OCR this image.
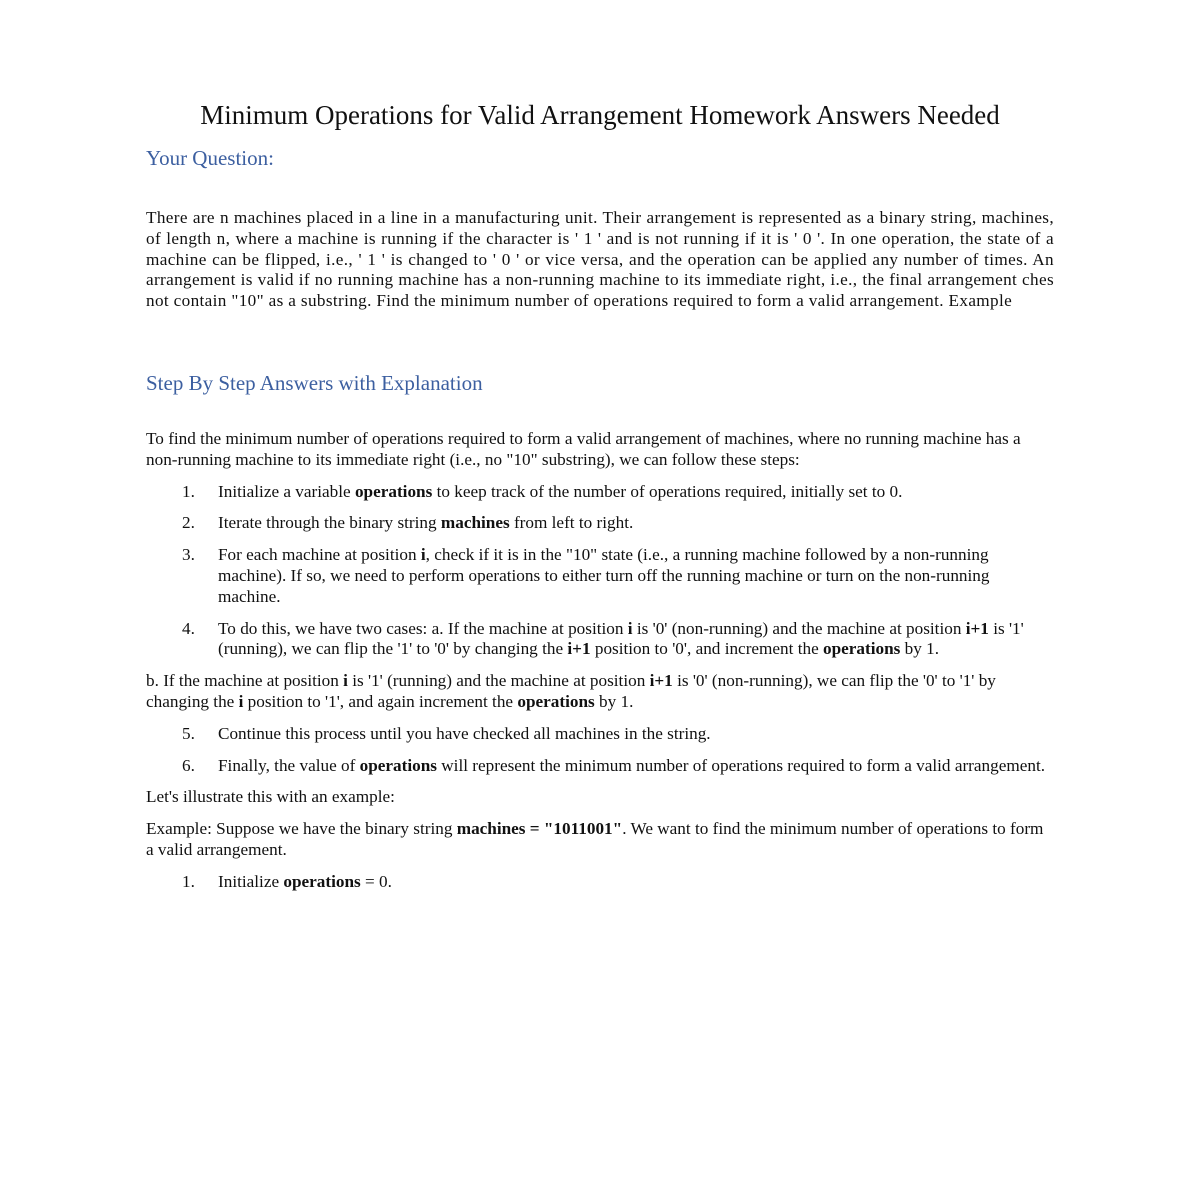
Minimum Operations for Valid Arrangement Homework Answers Needed
Your Question:

There are n machines placed in a line in a manufacturing unit. Their arrangement is represented as a binary string, machines, of length n, where a machine is running if the character is ' 1 ' and is not running if it is ' 0 '. In one operation, the state of a machine can be flipped, i.e., ' 1 ' is changed to ' 0 ' or vice versa, and the operation can be applied any number of times. An arrangement is valid if no running machine has a non-running machine to its immediate right, i.e., the final arrangement ches not contain "10" as a substring. Find the minimum number of operations required to form a valid arrangement. Example

Step By Step Answers with Explanation

To find the minimum number of operations required to form a valid arrangement of machines, where no running machine has a non-running machine to its immediate right (i.e., no "10" substring), we can follow these steps:

1. Initialize a variable operations to keep track of the number of operations required, initially set to 0.
2. Iterate through the binary string machines from left to right.
3. For each machine at position i, check if it is in the "10" state (i.e., a running machine followed by a non-running machine). If so, we need to perform operations to either turn off the running machine or turn on the non-running machine.
4. To do this, we have two cases: a. If the machine at position i is '0' (non-running) and the machine at position i+1 is '1' (running), we can flip the '1' to '0' by changing the i+1 position to '0', and increment the operations by 1.

b. If the machine at position i is '1' (running) and the machine at position i+1 is '0' (non-running), we can flip the '0' to '1' by changing the i position to '1', and again increment the operations by 1.

5. Continue this process until you have checked all machines in the string.
6. Finally, the value of operations will represent the minimum number of operations required to form a valid arrangement.

Let's illustrate this with an example:

Example: Suppose we have the binary string machines = "1011001". We want to find the minimum number of operations to form a valid arrangement.

1. Initialize operations = 0.
